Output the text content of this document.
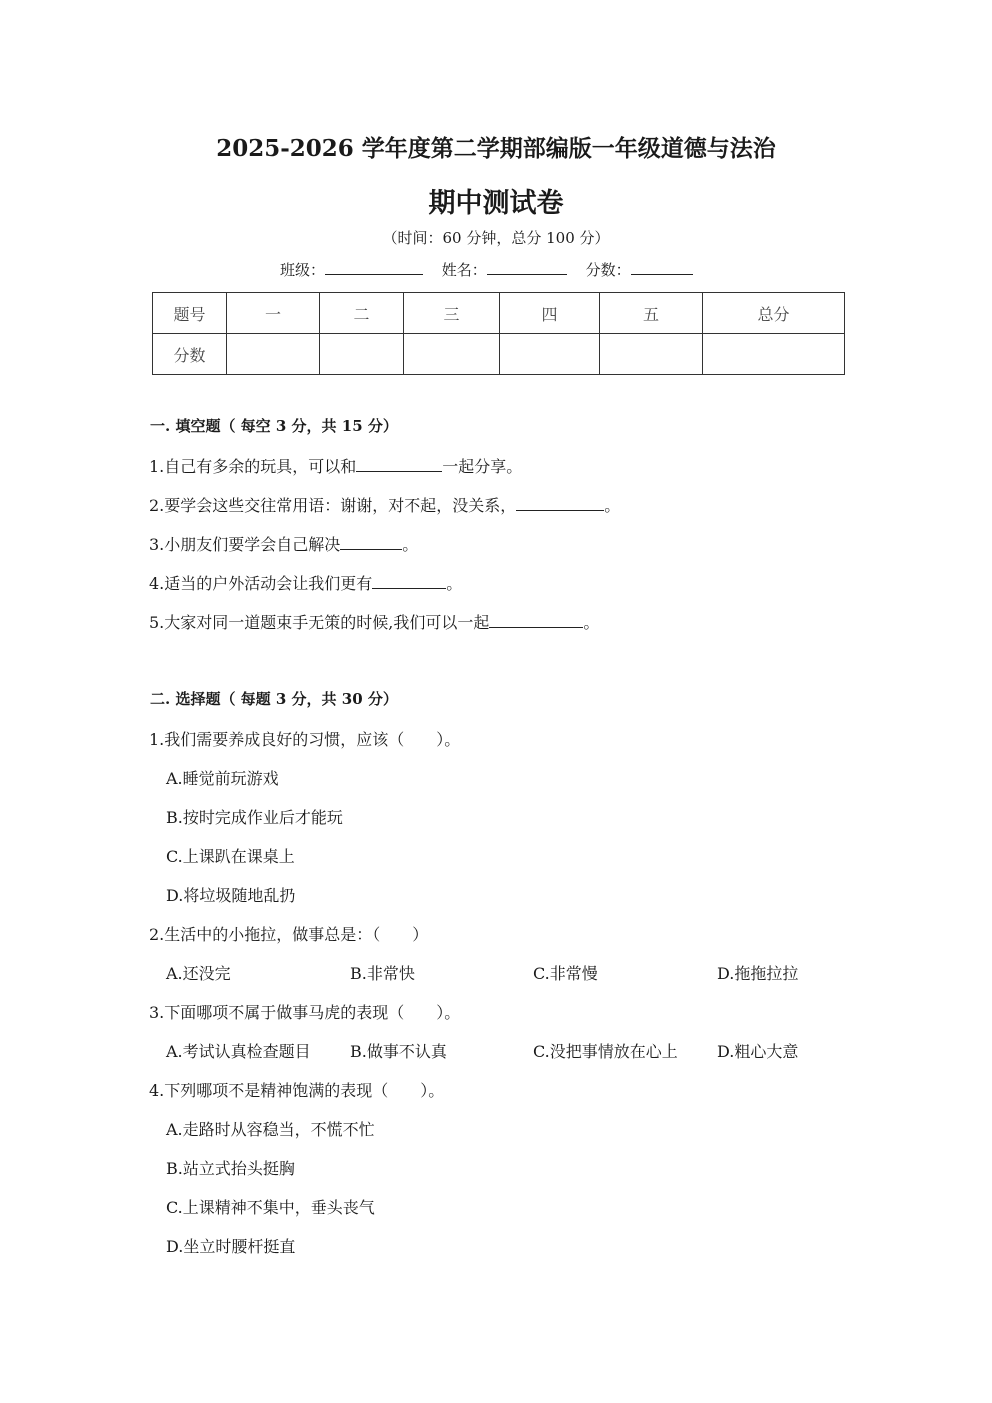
2025-2026 学年度第二学期部编版一年级道德与法治
期中测试卷
（时间：60 分钟，总分 100 分）
班级：	姓名：	分数：
题号	一	二	三	四	五	总分
分数						
一. 填空题（ 每空 3 分，共 15 分）
1.自己有多余的玩具，可以和	一起分享。
2.要学会这些交往常用语：谢谢，对不起，没关系，	。
3.小朋友们要学会自己解决	。
4.适当的户外活动会让我们更有	。
5.大家对同一道题束手无策的时候,我们可以一起	。
二. 选择题（ 每题 3 分，共 30 分）
1.我们需要养成良好的习惯，应该（　　）。
A.睡觉前玩游戏
B.按时完成作业后才能玩
C.上课趴在课桌上
D.将垃圾随地乱扔
2.生活中的小拖拉，做事总是：（　　）
A.还没完	B.非常快	C.非常慢	D.拖拖拉拉
3.下面哪项不属于做事马虎的表现（　　）。
A.考试认真检查题目 B.做事不认真	C.没把事情放在心上 D.粗心大意
4.下列哪项不是精神饱满的表现（　　）。
A.走路时从容稳当，不慌不忙
B.站立式抬头挺胸
C.上课精神不集中，垂头丧气
D.坐立时腰杆挺直
